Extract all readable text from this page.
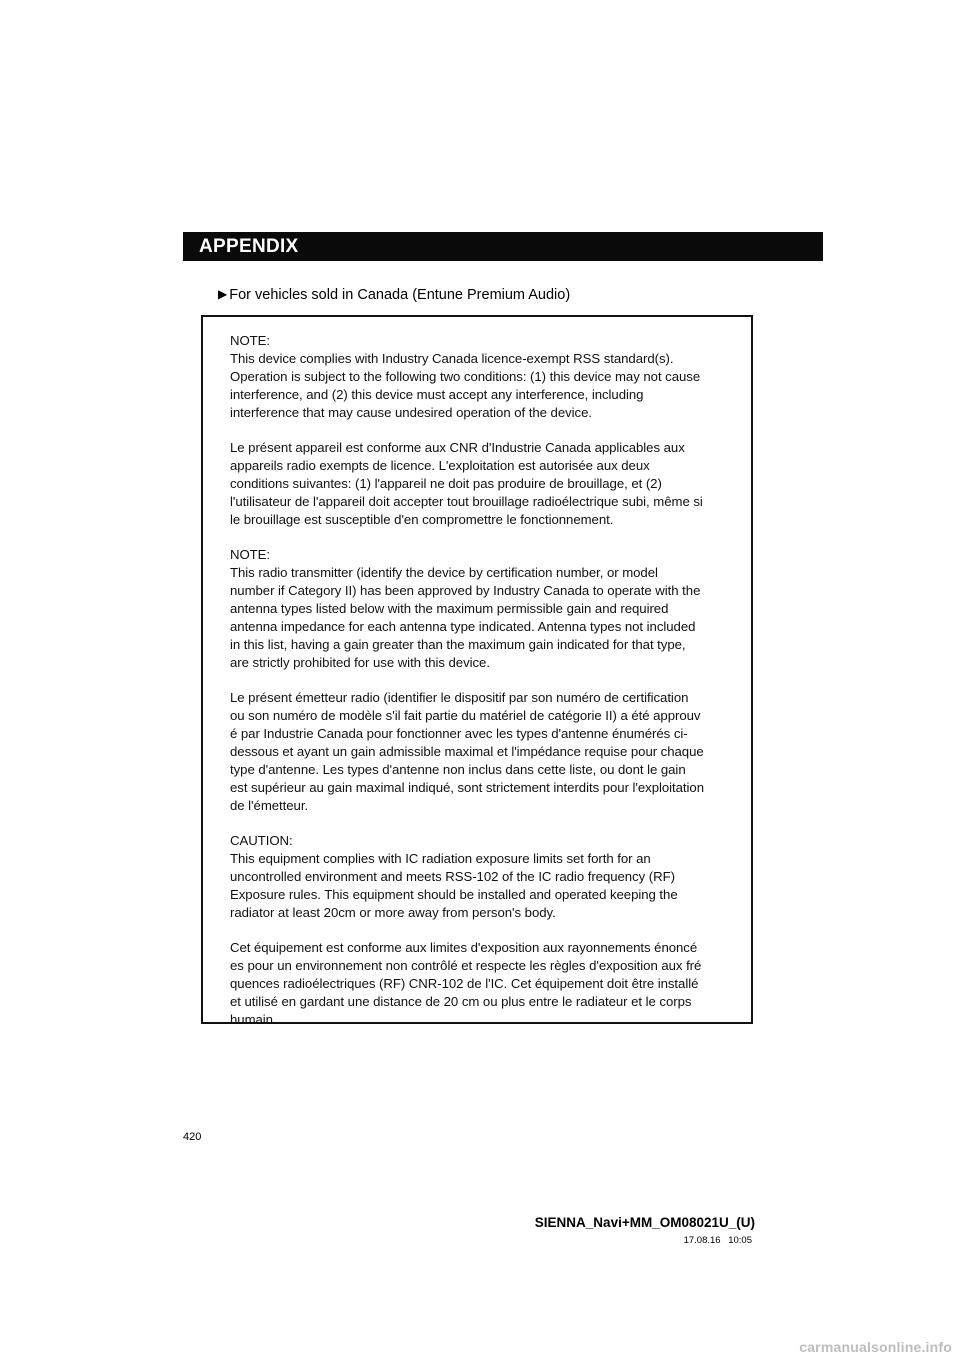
APPENDIX
▶ For vehicles sold in Canada (Entune Premium Audio)

NOTE:
This device complies with Industry Canada licence-exempt RSS standard(s).
Operation is subject to the following two conditions: (1) this device may not cause
interference, and (2) this device must accept any interference, including
interference that may cause undesired operation of the device.

Le présent appareil est conforme aux CNR d'Industrie Canada applicables aux
appareils radio exempts de licence. L'exploitation est autorisée aux deux
conditions suivantes: (1) l'appareil ne doit pas produire de brouillage, et (2)
l'utilisateur de l'appareil doit accepter tout brouillage radioélectrique subi, même si
le brouillage est susceptible d'en compromettre le fonctionnement.

NOTE:
This radio transmitter (identify the device by certification number, or model
number if Category II) has been approved by Industry Canada to operate with the
antenna types listed below with the maximum permissible gain and required
antenna impedance for each antenna type indicated. Antenna types not included
in this list, having a gain greater than the maximum gain indicated for that type,
are strictly prohibited for use with this device.

Le présent émetteur radio (identifier le dispositif par son numéro de certification
ou son numéro de modèle s'il fait partie du matériel de catégorie II) a été approuv
é par Industrie Canada pour fonctionner avec les types d'antenne énumérés ci-
dessous et ayant un gain admissible maximal et l'impédance requise pour chaque
type d'antenne. Les types d'antenne non inclus dans cette liste, ou dont le gain
est supérieur au gain maximal indiqué, sont strictement interdits pour l'exploitation
de l'émetteur.

CAUTION:
This equipment complies with IC radiation exposure limits set forth for an
uncontrolled environment and meets RSS-102 of the IC radio frequency (RF)
Exposure rules. This equipment should be installed and operated keeping the
radiator at least 20cm or more away from person's body.

Cet équipement est conforme aux limites d'exposition aux rayonnements énoncé
es pour un environnement non contrôlé et respecte les règles d'exposition aux fré
quences radioélectriques (RF) CNR-102 de l'IC. Cet équipement doit être installé
et utilisé en gardant une distance de 20 cm ou plus entre le radiateur et le corps
humain.

420
SIENNA_Navi+MM_OM08021U_(U)
17.08.16 10:05
carmanualsonline.info
